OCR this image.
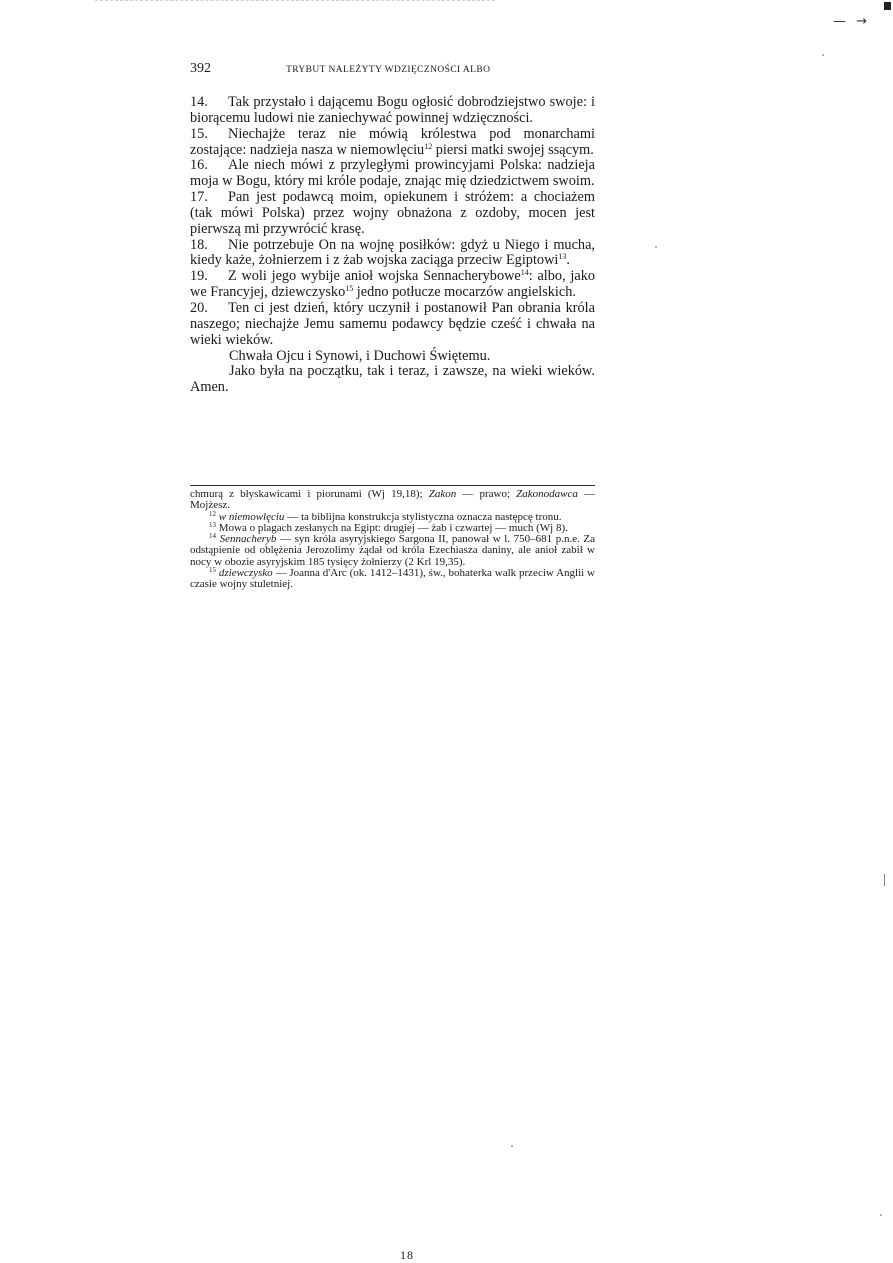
— →
392	TRYBUT NALEŻYTY WDZIĘCZNOŚCI ALBO

14. Tak przystało i dającemu Bogu ogłosić dobrodziejstwo swoje: i biorącemu ludowi nie zaniechywać powinnej wdzięczności.

15. Niechajże teraz nie mówią królestwa pod monarchami zostające: nadzieja nasza w niemowlęciu$^{12}$ piersi matki swojej ssącym.

16. Ale niech mówi z przyległymi prowincyjami Polska: nadzieja moja w Bogu, który mi króle podaje, znając mię dziedzictwem swoim.

17. Pan jest podawcą moim, opiekunem i stróżem: a chociażem (tak mówi Polska) przez wojny obnażona z ozdoby, mocen jest pierwszą mi przywrócić krasę.

18. Nie potrzebuje On na wojnę posiłków: gdyż u Niego i mucha, kiedy każe, żołnierzem i z żab wojska zaciąga przeciw Egiptowi$^{13}$.

19. Z woli jego wybije anioł wojska Sennacherybowe$^{14}$: albo, jako we Francyjej, dziewczysko$^{15}$ jedno potłucze mocarzów angielskich.

20. Ten ci jest dzień, który uczynił i postanowił Pan obrania króla naszego; niechajże Jemu samemu podawcy będzie cześć i chwała na wieki wieków.

Chwała Ojcu i Synowi, i Duchowi Świętemu.

Jako była na początku, tak i teraz, i zawsze, na wieki wieków. Amen.

chmurą z błyskawicami i piorunami (Wj 19,18); Zakon — prawo; Zakonodawca — Mojżesz.

$^{12}$ w niemowlęciu — ta biblijna konstrukcja stylistyczna oznacza następcę tronu.

$^{13}$ Mowa o plagach zesłanych na Egipt: drugiej — żab i czwartej — much (Wj 8).

$^{14}$ Sennacheryb — syn króla asyryjskiego Sargona II, panował w l. 750–681 p.n.e. Za odstąpienie od oblężenia Jerozolimy żądał od króla Ezechiasza daniny, ale anioł zabił w nocy w obozie asyryjskim 185 tysięcy żołnierzy (2 Krl 19,35).

$^{15}$ dziewczysko — Joanna d'Arc (ok. 1412–1431), św., bohaterka walk przeciw Anglii w czasie wojny stuletniej.

18
